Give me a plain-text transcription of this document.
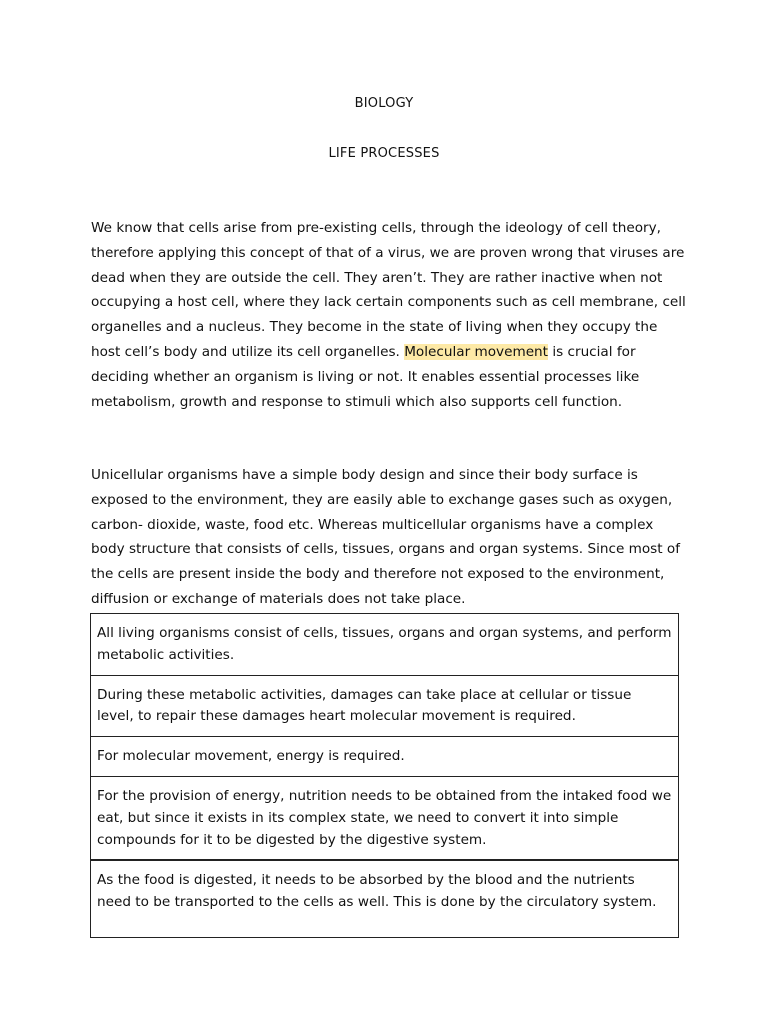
BIOLOGY
LIFE PROCESSES

We know that cells arise from pre-existing cells, through the ideology of cell theory, therefore applying this concept of that of a virus, we are proven wrong that viruses are dead when they are outside the cell. They aren’t. They are rather inactive when not occupying a host cell, where they lack certain components such as cell membrane, cell organelles and a nucleus. They become in the state of living when they occupy the host cell’s body and utilize its cell organelles. Molecular movement is crucial for deciding whether an organism is living or not. It enables essential processes like metabolism, growth and response to stimuli which also supports cell function.

Unicellular organisms have a simple body design and since their body surface is exposed to the environment, they are easily able to exchange gases such as oxygen, carbon- dioxide, waste, food etc. Whereas multicellular organisms have a complex body structure that consists of cells, tissues, organs and organ systems. Since most of the cells are present inside the body and therefore not exposed to the environment, diffusion or exchange of materials does not take place.

All living organisms consist of cells, tissues, organs and organ systems, and perform metabolic activities.
During these metabolic activities, damages can take place at cellular or tissue level, to repair these damages heart molecular movement is required.
For molecular movement, energy is required.
For the provision of energy, nutrition needs to be obtained from the intaked food we eat, but since it exists in its complex state, we need to convert it into simple compounds for it to be digested by the digestive system.
As the food is digested, it needs to be absorbed by the blood and the nutrients need to be transported to the cells as well. This is done by the circulatory system.
